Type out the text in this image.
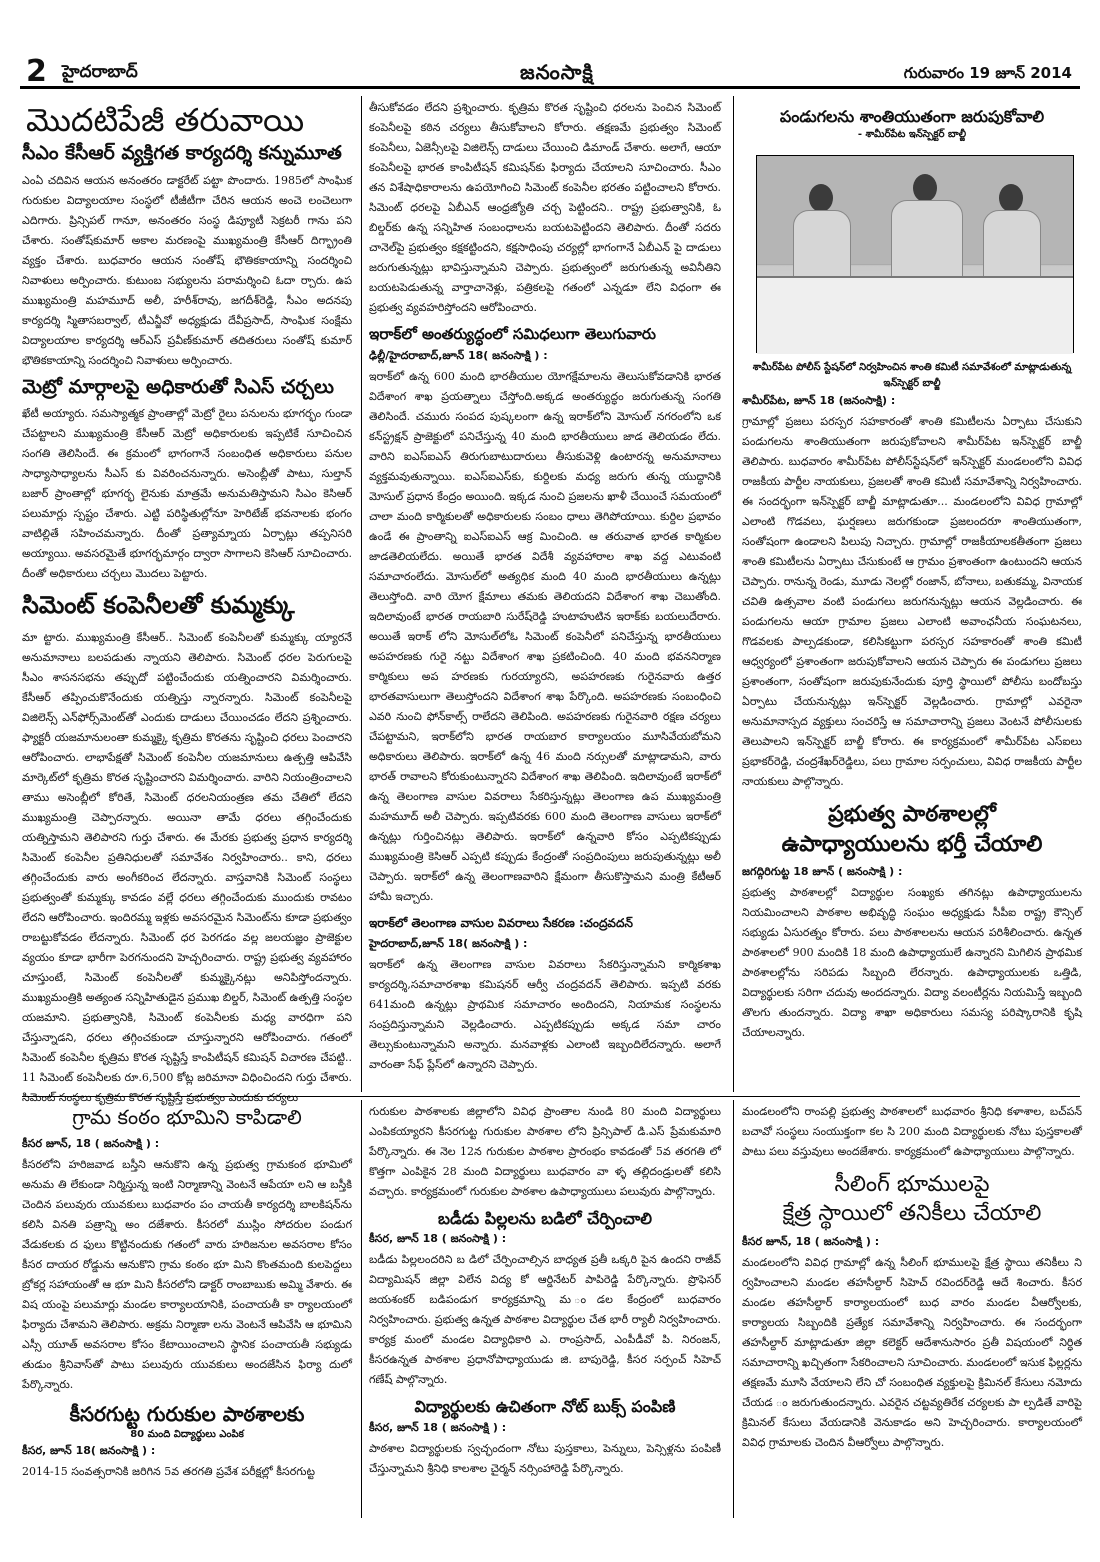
2 హైదరాబాద్	జనంసాక్షి	గురువారం 19 జూన్ 2014
మొదటిపేజీ తరువాయి
సీఎం కేసీఆర్ వ్యక్తిగత కార్యదర్శి కన్నుమూత

ఎంఏ చదివిన ఆయన అనంతరం డాక్టరేట్ పట్టా పొందారు. 1985లో సాంఘిక గురుకుల విద్యాలయాల సంస్థలో టీజీటీగా చేరిన ఆయన అంచె లంచెలుగా ఎదిగారు. ప్రిన్సిపల్ గానూ, అనంతరం సంస్థ డిప్యూటీ సెక్రటరీ గాను పని చేశారు. సంతోష్‌కుమార్ అకాల మరణంపై ముఖ్యమంత్రి కేసీఆర్ దిగ్భ్రాంతి వ్యక్తం చేశారు. బుధవారం ఆయన సంతోష్ భౌతికకాయాన్ని సందర్శించి నివాళులు అర్పించారు. కుటుంబ సభ్యులను పరామర్శించి ఓదా ర్చారు. ఉప ముఖ్యమంత్రి మహమూద్ అలీ, హరీశ్‌రావు, జగదీశ్‌రెడ్డి, సీఎం అదనపు కార్యదర్శి స్మితాసబర్వాల్, టీఎన్జీవో అధ్యక్షుడు దేవీప్రసాద్, సాంఘిక సంక్షేమ విద్యాలయాల కార్యదర్శి ఆర్ఎస్ ప్రవీణ్‌కుమార్ తదితరులు సంతోష్ కుమార్ భౌతికకాయాన్ని సందర్శించి నివాళులు అర్పించారు.

మెట్రో మార్గాలపై అధికారుతో సిఎస్ చర్చలు

ఖేటీ అయ్యారు. సమస్యాత్మక ప్రాంతాల్లో మెట్రో రైలు పనులను భూగర్భం గుండా చేపట్టాలని ముఖ్యమంత్రి కేసీఆర్ మెట్రో అధికారులకు ఇప్పటికే సూచించిన సంగతి తెలిసిందే. ఈ క్రమంలో భాగంగానే సంబంధిత అధికారులు పనుల సాధ్యాసాధ్యాలను సీఎస్ కు వివరించనున్నారు. అసెంబ్లీతో పాటు, సుల్తాన్ బజార్ ప్రాంతాల్లో భూగర్భ లైనుకు మాత్రమే అనుమతిస్తామని సిఎం కెసిఆర్ పలుమార్లు స్పష్టం చేశారు. ఎట్టి పరిస్థితుల్లోనూ హెరిటేజ్ భవనాలకు భంగం వాటిల్లితే సహించమన్నారు. దీంతో ప్రత్యామ్నాయ ఏర్పాట్లు తప్పనిసరి అయ్యాయి. అవసరమైతే భూగర్భమార్గం ద్వారా సాగాలని కెసిఆర్ సూచించారు. దీంతో అధికారులు చర్చలు మొదలు పెట్టారు.

సిమెంట్ కంపెనీలతో కుమ్మక్కు

మా ట్టారు. ముఖ్యమంత్రి కేసీఆర్.. సిమెంట్ కంపెనీలతో కుమ్మక్కు య్యారనే అనుమానాలు బలపడుతు న్నాయని తెలిపారు. సిమెంట్ ధరల పెరుగులపై సీఎం శాసనసభను తప్పుదో పట్టించేందుకు యత్నించారని విమర్శించారు. కేసీఆర్ తప్పించుకొనేందుకు యత్నిస్తు న్నారన్నారు. సిమెంట్ కంపెనీలపై విజిలెన్స్ ఎన్‌ఫోర్స్‌మెంట్‌తో ఎందుకు దాడులు చేయించడం లేదని ప్రశ్నించారు. ఫ్యాక్టరీ యజమానులంతా కుమ్మక్కై కృత్రిమ కొరతను సృష్టించి ధరలు పెంచారని ఆరోపించారు. లాభాపేక్షతో సిమెంట్ కంపెనీల యజమానులు ఉత్పత్తి ఆపివేసి మార్కెట్‌లో కృత్రిమ కొరత సృష్టించారని విమర్శించారు. వారిని నియంత్రించాలని తాము అసెంబ్లీలో కోరితే, సిమెంట్ ధరలనియంత్రణ తమ చేతిలో లేదని ముఖ్యమంత్రి చెప్పారన్నారు. అయినా తామే ధరలు తగ్గించేందుకు యత్నిస్తామని తెలిపారని గుర్తు చేశారు. ఈ మేరకు ప్రభుత్వ ప్రధాన కార్యదర్శి సిమెంట్ కంపెనీల ప్రతినిధులతో సమావేశం నిర్వహించారు.. కాని, ధరలు తగ్గించేందుకు వారు అంగీకరించ లేదన్నారు. వాస్తవానికి సిమెంట్ సంస్థలు ప్రభుత్వంతో కుమ్మక్కు కావడం వల్లే ధరలు తగ్గించేందుకు ముందుకు రావటం లేదని ఆరోపించారు. ఇందిరమ్మ ఇళ్లకు అవసరమైన సిమెంట్‌ను కూడా ప్రభుత్వం రాబట్టుకోవడం లేదన్నారు. సిమెంట్ ధర పెరగడం వల్ల జలయజ్ఞం ప్రాజెక్టుల వ్యయం కూడా భారీగా పెరగనుందని హెచ్చరించారు. రాష్ట్ర ప్రభుత్వ వ్యవహారం చూస్తుంటే, సిమెంట్ కంపెనీలతో కుమ్మక్కైనట్లు అనిపిస్తోందన్నారు. ముఖ్యమంత్రికి అత్యంత సన్నిహితుడైన ప్రముఖ బిల్డర్, సిమెంట్ ఉత్పత్తి సంస్థల యజమాని. ప్రభుత్వానికి, సిమెంట్ కంపెనీలకు మధ్య వారధిగా పని చేస్తున్నాడని, ధరలు తగ్గించకుండా చూస్తున్నారని ఆరోపించారు. గతంలో సిమెంట్ కంపెనీల కృత్రిమ కొరత సృష్టిస్తే కాంపిటీషన్ కమిషన్ విచారణ చేపట్టి.. 11 సిమెంట్ కంపెనీలకు రూ.6,500 కోట్ల జరిమానా విధించిందని గుర్తు చేశారు. సిమెంట్ సంస్థలు కృత్రిమ కొరత సృష్టిస్తే ప్రభుత్వం ఎందుకు చర్యలు

తీసుకోవడం లేదని ప్రశ్నించారు. కృత్రిమ కొరత సృష్టించి ధరలను పెంచిన సిమెంట్ కంపెనీలపై కఠిన చర్యలు తీసుకోవాలని కోరారు. తక్షణమే ప్రభుత్వం సిమెంట్ కంపెనీలు, ఏజెన్సీలపై విజిలెన్స్ దాడులు చేయించి డిమాండ్ చేశారు. అలాగే, ఆయా కంపెనీలపై భారత కాంపిటీషన్ కమిషన్‌కు ఫిర్యాదు చేయాలని సూచించారు. సీఎం తన విశేషాధికారాలను ఉపయోగించి సిమెంట్ కంపెనీల భరతం పట్టించాలని కోరారు. సిమెంట్ ధరలపై ఏబీఎన్ ఆంధ్రజ్యోతి చర్చ పెట్టిందని.. రాష్ట్ర ప్రభుత్వానికి, ఓ బిల్డర్‌కు ఉన్న సన్నిహిత సంబంధాలను బయటపెట్టిందని తెలిపారు. దీంతో సదరు చానెల్‌పై ప్రభుత్వం కక్షకట్టిందని, కక్షసాధింపు చర్యల్లో భాగంగానే ఏబీఎన్ పై దాడులు జరుగుతున్నట్లు భావిస్తున్నామని చెప్పారు. ప్రభుత్వంలో జరుగుతున్న అవినీతిని బయటపెడుతున్న వార్తాచానెళ్లు, పత్రికలపై గతంలో ఎన్నడూ లేని విధంగా ఈ ప్రభుత్వ వ్యవహరిస్తోందని ఆరోపించారు.

ఇరాక్‌లో అంతర్యుద్ధంలో సమిధలుగా తెలుగువారు

ఢిల్లీ/హైదరాబాద్,జూన్ 18( జనంసాక్షి ) :

ఇరాక్‌లో ఉన్న 600 మంది భారతీయుల యోగక్షేమాలను తెలుసుకోవడానికి భారత విదేశాంగ శాఖ ప్రయత్నాలు చేస్తోంది.అక్కడ అంతర్యుద్ధం జరుగుతున్న సంగతి తెలిసిందే. చమురు సంపద పుష్కలంగా ఉన్న ఇరాక్‌లోని మోసుల్ నగరంలోని ఒక కన్‌స్ట్రక్షన్ ప్రాజెక్టులో పనిచేస్తున్న 40 మంది భారతీయులు జాడ తెలియడం లేదు. వారిని ఐఎస్ఐఎస్ తిరుగుబాటుదారులు తీసుకువెళ్లి ఉంటారన్న అనుమానాలు వ్యక్తమవుతున్నాయి. ఐఎస్ఐఎస్‌కు, కుర్దిలకు మధ్య జరుగు తున్న యుద్ధానికి మోసుల్ ప్రధాన కేంద్రం అయింది. ఇక్కడ నుంచి ప్రజలను ఖాళీ చేయించే సమయంలో చాలా మంది కార్మికులతో అధికారులకు సంబం ధాలు తెగిపోయాయి. కుర్దిల ప్రభావం ఉండే ఈ ప్రాంతాన్ని ఐఎస్ఐఎస్ ఆక్ర మించింది. ఆ తరువాత భారత కార్మికుల జాడతెలియలేదు. అయితే భారత విదేశీ వ్యవహారాల శాఖ వద్ద ఎటువంటి సమాచారంలేదు. మోసుల్‌లో అత్యధిక మంది 40 మంది భారతీయులు ఉన్నట్లు తెలుస్తోంది. వారి యోగ క్షేమాలు తమకు తెలియదని విదేశాంగ శాఖ చెబుతోంది. ఇదిలావుంటే భారత రాయబారి సురేష్‌రెడ్డి హుటాహుటిన ఇరాక్‌కు బయలుదేరారు. అయితే ఇరాక్ లోని మోసుల్‌లోఓ సిమెంట్ కంపెనీలో పనిచేస్తున్న భారతీయులు అపహరణకు గురై నట్టు విదేశాంగ శాఖ ప్రకటించింది. 40 మంది భవననిర్మాణ కార్మికులు అప హరణకు గురయ్యారని, అపహరణకు గురైనవారు ఉత్తర భారతవాసులుగా తెలుస్తోందని విదేశాంగ శాఖ పేర్కొంది. అపహరణకు సంబంధించి ఎవరి నుంచి ఫోన్‌కాల్స్ రాలేదని తెలిపింది. అపహరణకు గురైనవారి రక్షణ చర్యలు చేపట్టామని, ఇరాక్‌లోని భారత రాయబార కార్యాలయం మూసివేయబోమని అధికారులు తెలిపారు. ఇరాక్‌లో ఉన్న 46 మంది నర్సులతో మాట్లాడామని, వారు భారత్ రావాలని కోరుకుంటున్నారని విదేశాంగ శాఖ తెలిపింది. ఇదిలావుంటే ఇరాక్‌లో ఉన్న తెలంగాణ వాసుల వివరాలు సేకరిస్తున్నట్లు తెలంగాణ ఉప ముఖ్యమంత్రి మహమూద్ అలీ చెప్పారు. ఇప్పటివరకు 600 మంది తెలంగాణ వాసులు ఇరాక్‌లో ఉన్నట్లు గుర్తించినట్లు తెలిపారు. ఇరాక్‌లో ఉన్నవారి కోసం ఎప్పటికప్పుడు ముఖ్యమంత్రి కెసిఆర్ ఎప్పటి కప్పుడు కేంద్రంతో సంప్రదింపులు జరుపుతున్నట్లు అలీ చెప్పారు. ఇరాక్‌లో ఉన్న తెలంగాణవారిని క్షేమంగా తీసుకొస్తామని మంత్రి కేటీఆర్ హామీ ఇచ్చారు.

ఇరాక్‌లో తెలంగాణ వాసుల వివరాలు సేకరణ :చంద్రవదన్

హైదరాబాద్,జూన్ 18( జనంసాక్షి ) :

ఇరాక్‌లో ఉన్న తెలంగాణ వాసుల వివరాలు సేకరిస్తున్నామని కార్మికశాఖ కార్యదర్శి,సమాచారశాఖ కమిషనర్ ఆర్వీ చంద్రవదన్ తెలిపారు. ఇప్పటి వరకు 641మంది ఉన్నట్లు ప్రాథమిక సమాచారం అందిందని, నియామక సంస్థలను సంప్రదిస్తున్నామని వెల్లడించారు. ఎప్పటికప్పుడు అక్కడ సమా చారం తెల్సుకుంటున్నామని అన్నారు. మనవాళ్లకు ఎలాంటి ఇబ్బందిలేదన్నారు. అలాగే వారంతా సేఫ్ ప్లేస్‌లో ఉన్నారని చెప్పారు.

పండుగలను శాంతియుతంగా జరుపుకోవాలి

- శామీర్‌పేట ఇన్‌స్పెక్టర్ బాల్జీ

శామీర్‌పేట పోలీస్ స్టేషన్‌లో నిర్వహించిన శాంతి కమిటీ సమావేశంలో మాట్లాడుతున్న ఇన్‌స్పెక్టర్ బాల్జీ

శామీర్‌పేట, జూన్ 18 (జనంసాక్షి) :

గ్రామాల్లో ప్రజలు పరస్పర సహకారంతో శాంతి కమిటీలను ఏర్పాటు చేసుకుని పండుగలను శాంతియుతంగా జరుపుకోవాలని శామీర్‌పేట ఇన్‌స్పెక్టర్ బాల్జీ తెలిపారు. బుధవారం శామీర్‌పేట పోలీస్‌స్టేషన్‌లో ఇన్‌స్పెక్టర్ మండలంలోని వివిధ రాజకీయ పార్టీల నాయకులు, ప్రజలతో శాంతి కమిటీ సమావేశాన్ని నిర్వహించారు. ఈ సందర్భంగా ఇన్‌స్పెక్టర్ బాల్జీ మాట్లాడుతూ... మండలంలోని వివిధ గ్రామాల్లో ఎలాంటి గొడవలు, ఘర్షణలు జరుగకుండా ప్రజలందరూ శాంతియుతంగా, సంతోషంగా ఉండాలని పిలుపు నిచ్చారు. గ్రామాల్లో రాజకీయాలకతీతంగా ప్రజలు శాంతి కమిటీలను ఏర్పాటు చేసుకుంటే ఆ గ్రామం ప్రశాంతంగా ఉంటుందని ఆయన చెప్పారు. రానున్న రెండు, మూడు నెలల్లో రంజాన్, బోనాలు, బతుకమ్మ, వినాయక చవితి ఉత్సవాల వంటి పండుగలు జరుగనున్నట్లు ఆయన వెల్లడించారు. ఈ పండుగలను ఆయా గ్రామాల ప్రజలు ఎలాంటి అవాంఛనీయ సంఘటనలు, గొడవలకు పాల్పడకుండా, కలిసికట్టుగా పరస్పర సహకారంతో శాంతి కమిటీ ఆధ్వర్యంలో ప్రశాంతంగా జరుపుకోవాలని ఆయన చెప్పారు ఈ పండుగలు ప్రజలు ప్రశాంతంగా, సంతోషంగా జరుపుకునేందుకు పూర్తి స్థాయిలో పోలీసు బందోబస్తు ఏర్పాటు చేయనున్నట్లు ఇన్‌స్పెక్టర్ వెల్లడించారు. గ్రామాల్లో ఎవరైనా అనుమానాస్పద వ్యక్తులు సంచరిస్తే ఆ సమాచారాన్ని ప్రజలు వెంటనే పోలీసులకు తెలుపాలని ఇన్‌స్పెక్టర్ బాల్జీ కోరారు. ఈ కార్యక్రమంలో శామీర్‌పేట ఎస్ఐలు ప్రభాకర్‌రెడ్డి, చంద్రశేఖర్‌రెడ్డిలు, పలు గ్రామాల సర్పంచులు, వివిధ రాజకీయ పార్టీల నాయకులు పాల్గొన్నారు.

ప్రభుత్వ పాఠశాలల్లో
ఉపాధ్యాయులను భర్తీ చేయాలి

జగద్గిరిగుట్ట 18 జూన్ ( జనంసాక్షి ) :

ప్రభుత్వ పాఠశాలల్లో విద్యార్థుల సంఖ్యకు తగినట్లు ఉపాధ్యాయులను నియమించాలని పాఠశాల అభివృద్ధి సంఘం అధ్యక్షుడు సీపీఐ రాష్ట్ర కౌన్సిల్ సభ్యుడు ఏసురత్నం కోరారు. పలు పాఠశాలలను ఆయన పరిశీలించారు. ఉన్నత పాఠశాలలో 900 మందికి 18 మంది ఉపాధ్యాయులే ఉన్నారని మిగిలిన ప్రాథమిక పాఠశాలల్లోను సరిపడు సిబ్బంది లేరన్నారు. ఉపాధ్యాయులకు ఒత్తిడి, విద్యార్థులకు సరిగా చదువు అందదన్నారు. విద్యా వలంటీర్లను నియమిస్తే ఇబ్బంది తొలగు తుందన్నారు. విద్యా శాఖా అధికారులు సమస్య పరిష్కారానికి కృషి చేయాలన్నారు.

గ్రామ కంఠం భూమిని కాపిడాలి

కీసర జూన్, 18 ( జనంసాక్షి ) :

కీసరలోని హరిజవాడ బస్తీని ఆనుకొని ఉన్న ప్రభుత్వ గ్రామకంఠ భూమిలో అనుమ తి లేకుండా నిర్మిస్తున్న ఇంటి నిర్మాణాన్ని వెంటనే ఆపేయా లని ఆ బస్తీకి చెందిన పలువురు యువకులు బుధవారం పం చాయతీ కార్యదర్శి బాలకిషన్‌ను కలిసి వినతి పత్రాన్ని అం దజేశారు. కీసరలో ముస్లిం సోదరుల పండుగ వేడుకలకు ద ఫులు కొట్టినందుకు గతంలో వారు హరిజనుల అవసరాల కోసం కీసర దాయర రోడ్డును ఆనుకొని గ్రామ కంఠం భూ మిని కొంతమంది కులపెద్దలు బ్రోకర్ల సహాయంతో ఆ భూ మిని కీసరలోని డాక్టర్ రాంబాబుకు అమ్మి వేశారు. ఈ విష యంపై పలుమార్లు మండల కార్యాలయానికి, పంచాయతీ కా ర్యాలయంలో ఫిర్యాదు చేశామని తెలిపారు. అక్రమ నిర్మాణా లను వెంటనే ఆపివేసి ఆ భూమిని ఎస్సీ యూత్ అవసరాల కోసం కేటాయించాలని స్థానిక పంచాయతీ సభ్యుడు తుడుం శ్రీనివాస్‌తో పాటు పలువురు యువకులు అందజేసిన ఫిర్యా దులో పేర్కొన్నారు.

కీసరగుట్ట గురుకుల పాఠశాలకు

80 మంది విద్యార్థులు ఎంపిక

కీసర, జూన్ 18( జనంసాక్షి ) :

2014-15 సంవత్సరానికి జరిగిన 5వ తరగతి ప్రవేశ పరీక్షల్లో కీసరగుట్ట

గురుకుల పాఠశాలకు జిల్లాలోని వివిధ ప్రాంతాల నుండి 80 మంది విద్యార్థులు ఎంపికయ్యారని కీసరగుట్ట గురుకుల పాఠశాల లోని ప్రిన్సిపాల్ డి.ఎస్ ప్రేమకుమారి పేర్కొన్నారు. ఈ నెల 12న గురుకుల పాఠశాల ప్రారంభం కావడంతో 5వ తరగతి లో కొత్తగా ఎంపికైన 28 మంది విద్యార్థులు బుధవారం వా ళ్ళ తల్లిదండ్రులతో కలిసి వచ్చారు. కార్యక్రమంలో గురుకుల పాఠశాల ఉపాధ్యాయులు పలువురు పాల్గొన్నారు.

బడీడు పిల్లలను బడిలో చేర్పించాలి

కీసర, జూన్ 18 ( జనంసాక్షి ) :

బడీడు పిల్లలందరిని బ డిలో చేర్పించాల్సిన బాధ్యత ప్రతీ ఒక్కరి పైన ఉందని రాజీవ్ విద్యామిషన్ జిల్లా విలేన విద్య కో ఆర్డినేటర్ పాపిరెడ్డి పేర్కొన్నారు. ప్రొఫెసర్ జయశంకర్ బడిపండుగ కార్యక్రమాన్ని మ ండల కేంద్రంలో బుధవారం నిర్వహించారు. ప్రభుత్వ ఉన్నత పాఠశాల విద్యార్థుల చేత భారీ ర్యాలీ నిర్వహించారు. కార్యక్ర మంలో మండల విద్యాధికారి ఎ. రాంప్రసాద్, ఎంపీడీవో పి. నిరంజన్, కీసరఉన్నత పాఠశాల ప్రధానోపాధ్యాయుడు జి. బాపురెడ్డి, కీసర సర్పంచ్ సిహెచ్ గణేష్ పాల్గొన్నారు.

విద్యార్థులకు ఉచితంగా నోట్ బుక్స్ పంపిణి

కీసర, జూన్ 18 ( జనంసాక్షి ) :

పాఠశాల విద్యార్థులకు స్వచ్ఛందంగా నోటు పుస్తకాలు, పెన్నులు, పెన్సిళ్లను పంపిణీ చేస్తున్నామని శ్రీనిధి కాలశాల చైర్మన్ నర్సింహారెడ్డి పేర్కొన్నారు.

మండలంలోని రాంపల్లి ప్రభుత్వ పాఠశాలలో బుధవారం శ్రీనిధి కళాశాల, బచ్‌పన్ బచావో సంస్థలు సంయుక్తంగా కల సి 200 మంది విద్యార్థులకు నోటు పుస్తకాలతో పాటు పలు వస్తువులు అందజేశారు. కార్యక్రమంలో ఉపాధ్యాయులు పాల్గొన్నారు.

సీలింగ్ భూములపై
క్షేత్ర స్థాయిలో తనికీలు చేయాలి

కీసర జూన్, 18 ( జనంసాక్షి ) :

మండలంలోని వివిధ గ్రామాల్లో ఉన్న సీలింగ్ భూములపై క్షేత్ర స్థాయి తనికీలు ని ర్వహించాలని మండల తహసీల్దార్ సిహెచ్ రవిందర్‌రెడ్డి ఆదే శించారు. కీసర మండల తహసీల్దార్ కార్యాలయంలో బుధ వారం మండల వీఆర్వోలకు, కార్యాలయ సిబ్బందికి ప్రత్యేక సమావేశాన్ని నిర్వహించారు. ఈ సందర్భంగా తహసీల్దార్ మాట్లాడుతూ జిల్లా కలెక్టర్ ఆదేశానుసారం ప్రతీ విషయంలో నిర్ధిత సమాచారాన్ని ఖచ్చితంగా సేకరించాలని సూచించారు. మండలంలో ఇసుక ఫిల్లర్లను తక్షణమే మూసి వేయాలని లేని చో సంబంధిత వ్యక్తులపై క్రిమినల్ కేసులు నమోదు చేయడ ం జరుగుతుందన్నారు. ఎవరైన చట్టవ్యతిరేక చర్యలకు పా ల్పడితే వారిపై క్రిమినల్ కేసులు వేయడానికి వెనుకాడం అని హెచ్చరించారు. కార్యాలయంలో వివిధ గ్రామాలకు చెందిన వీఆర్వోలు పాల్గొన్నారు.
